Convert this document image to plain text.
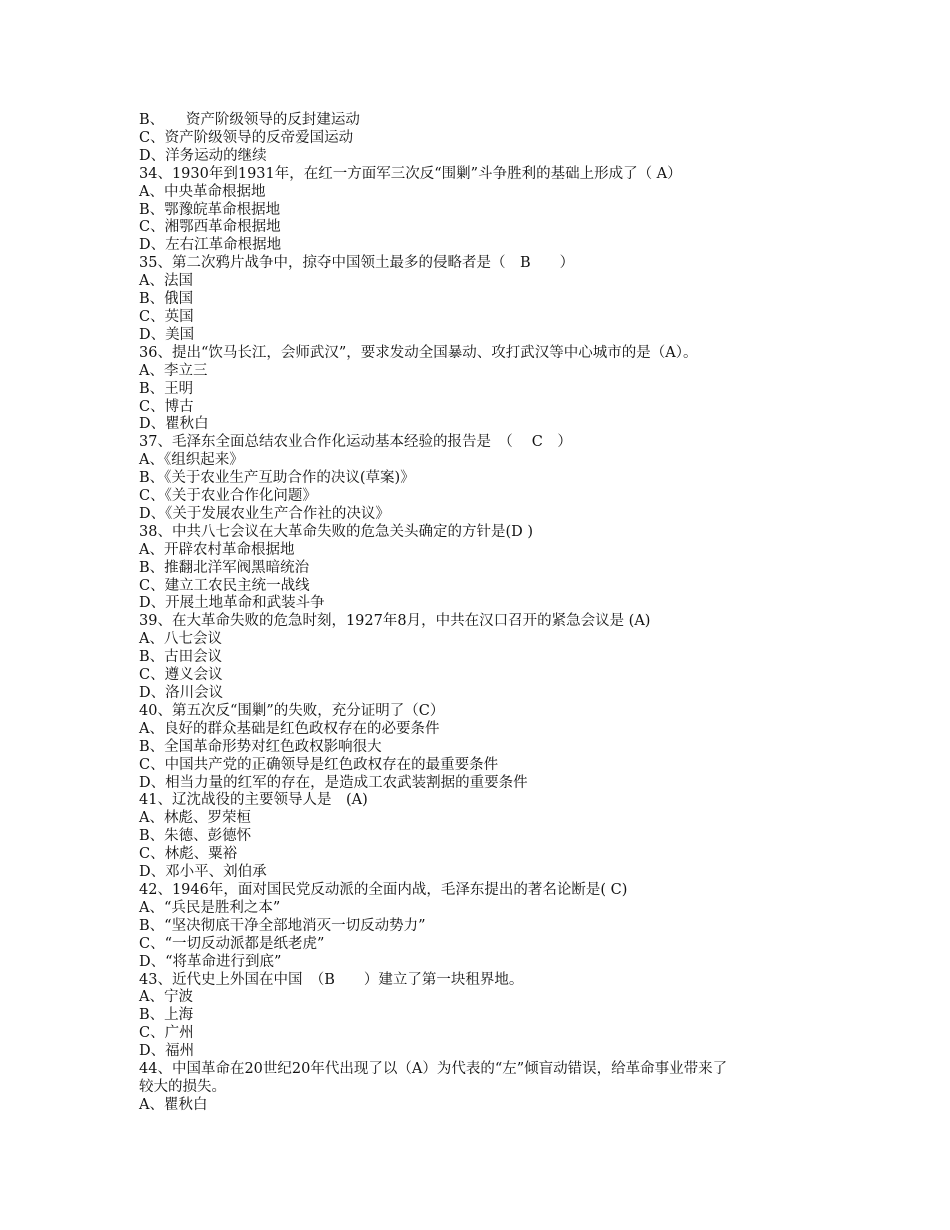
B、　　资产阶级领导的反封建运动
C、资产阶级领导的反帝爱国运动
D、洋务运动的继续
34、1930年到1931年，在红一方面军三次反“围剿”斗争胜利的基础上形成了（ A）
A、中央革命根据地
B、鄂豫皖革命根据地
C、湘鄂西革命根据地
D、左右江革命根据地
35、第二次鸦片战争中，掠夺中国领土最多的侵略者是（　B　　）
A、法国
B、俄国
C、英国
D、美国
36、提出“饮马长江，会师武汉”，要求发动全国暴动、攻打武汉等中心城市的是（A）。
A、李立三
B、王明
C、博古
D、瞿秋白
37、毛泽东全面总结农业合作化运动基本经验的报告是　（　 C　）
A、《组织起来》
B、《关于农业生产互助合作的决议(草案)》
C、《关于农业合作化问题》
D、《关于发展农业生产合作社的决议》
38、中共八七会议在大革命失败的危急关头确定的方针是(D )
A、开辟农村革命根据地
B、推翻北洋军阀黑暗统治
C、建立工农民主统一战线
D、开展土地革命和武装斗争
39、在大革命失败的危急时刻，1927年8月，中共在汉口召开的紧急会议是 (A)
A、八七会议
B、古田会议
C、遵义会议
D、洛川会议
40、第五次反“围剿”的失败，充分证明了（C）
A、良好的群众基础是红色政权存在的必要条件
B、全国革命形势对红色政权影响很大
C、中国共产党的正确领导是红色政权存在的最重要条件
D、相当力量的红军的存在，是造成工农武装割据的重要条件
41、辽沈战役的主要领导人是　(A)
A、林彪、罗荣桓
B、朱德、彭德怀
C、林彪、粟裕
D、邓小平、刘伯承
42、1946年，面对国民党反动派的全面内战，毛泽东提出的著名论断是( C)
A、“兵民是胜利之本”
B、“坚决彻底干净全部地消灭一切反动势力”
C、“一切反动派都是纸老虎”
D、“将革命进行到底”
43、近代史上外国在中国　（B　　）建立了第一块租界地。
A、宁波
B、上海
C、广州
D、福州
44、中国革命在20世纪20年代出现了以（A）为代表的“左”倾盲动错误，给革命事业带来了
较大的损失。
A、瞿秋白
